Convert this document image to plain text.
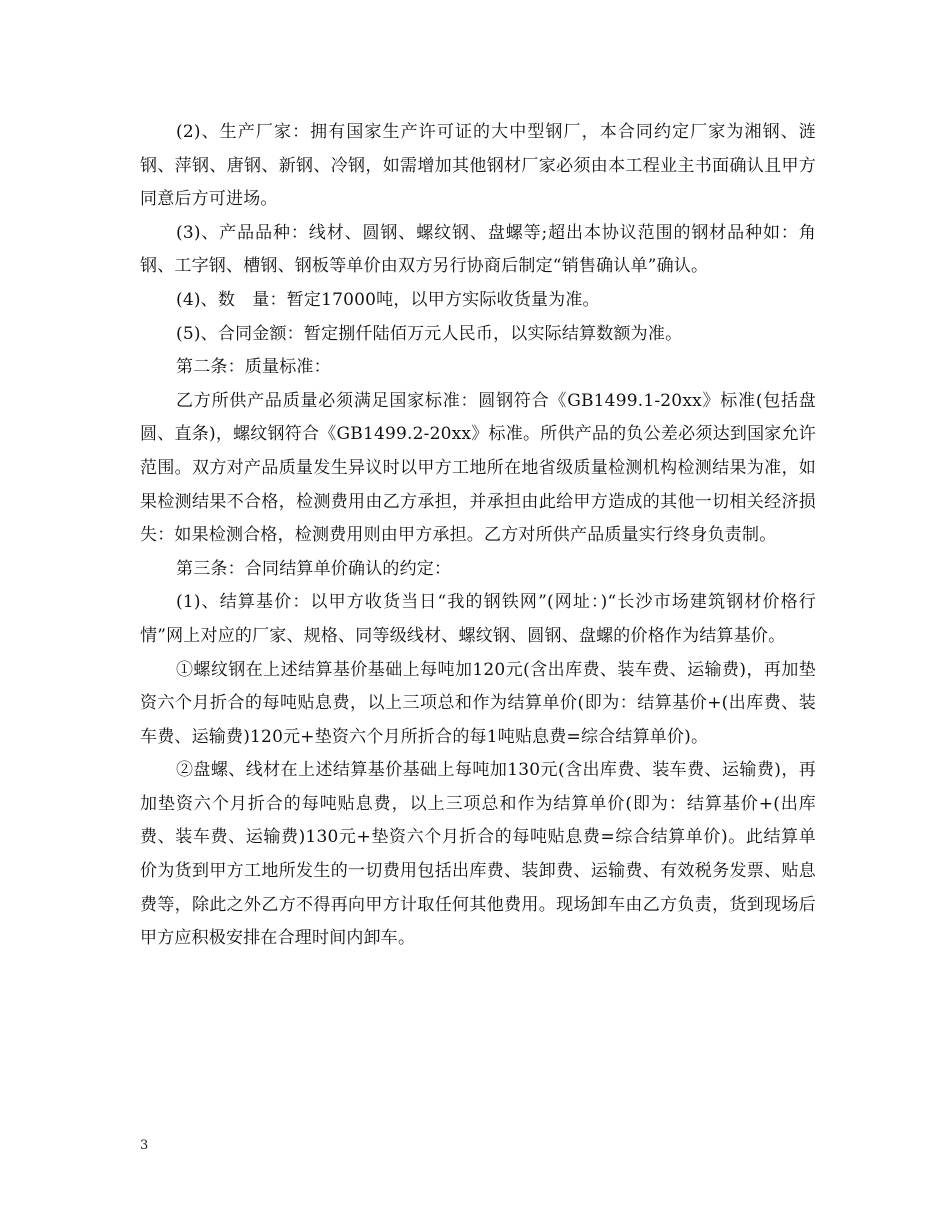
(2)、生产厂家：拥有国家生产许可证的大中型钢厂，本合同约定厂家为湘钢、涟钢、萍钢、唐钢、新钢、冷钢，如需增加其他钢材厂家必须由本工程业主书面确认且甲方同意后方可进场。

(3)、产品品种：线材、圆钢、螺纹钢、盘螺等;超出本协议范围的钢材品种如：角钢、工字钢、槽钢、钢板等单价由双方另行协商后制定“销售确认单”确认。

(4)、数　量：暂定17000吨，以甲方实际收货量为准。

(5)、合同金额：暂定捌仟陆佰万元人民币，以实际结算数额为准。

第二条：质量标准：

乙方所供产品质量必须满足国家标准：圆钢符合《GB1499.1-20xx》标准(包括盘圆、直条)，螺纹钢符合《GB1499.2-20xx》标准。所供产品的负公差必须达到国家允许范围。双方对产品质量发生异议时以甲方工地所在地省级质量检测机构检测结果为准，如果检测结果不合格，检测费用由乙方承担，并承担由此给甲方造成的其他一切相关经济损失：如果检测合格，检测费用则由甲方承担。乙方对所供产品质量实行终身负责制。

第三条：合同结算单价确认的约定：

(1)、结算基价：以甲方收货当日“我的钢铁网”(网址：)“长沙市场建筑钢材价格行情”网上对应的厂家、规格、同等级线材、螺纹钢、圆钢、盘螺的价格作为结算基价。

①螺纹钢在上述结算基价基础上每吨加120元(含出库费、装车费、运输费)，再加垫资六个月折合的每吨贴息费，以上三项总和作为结算单价(即为：结算基价+(出库费、装车费、运输费)120元+垫资六个月所折合的每1吨贴息费=综合结算单价)。

②盘螺、线材在上述结算基价基础上每吨加130元(含出库费、装车费、运输费)，再加垫资六个月折合的每吨贴息费，以上三项总和作为结算单价(即为：结算基价+(出库费、装车费、运输费)130元+垫资六个月折合的每吨贴息费=综合结算单价)。此结算单价为货到甲方工地所发生的一切费用包括出库费、装卸费、运输费、有效税务发票、贴息费等，除此之外乙方不得再向甲方计取任何其他费用。现场卸车由乙方负责，货到现场后甲方应积极安排在合理时间内卸车。

3
